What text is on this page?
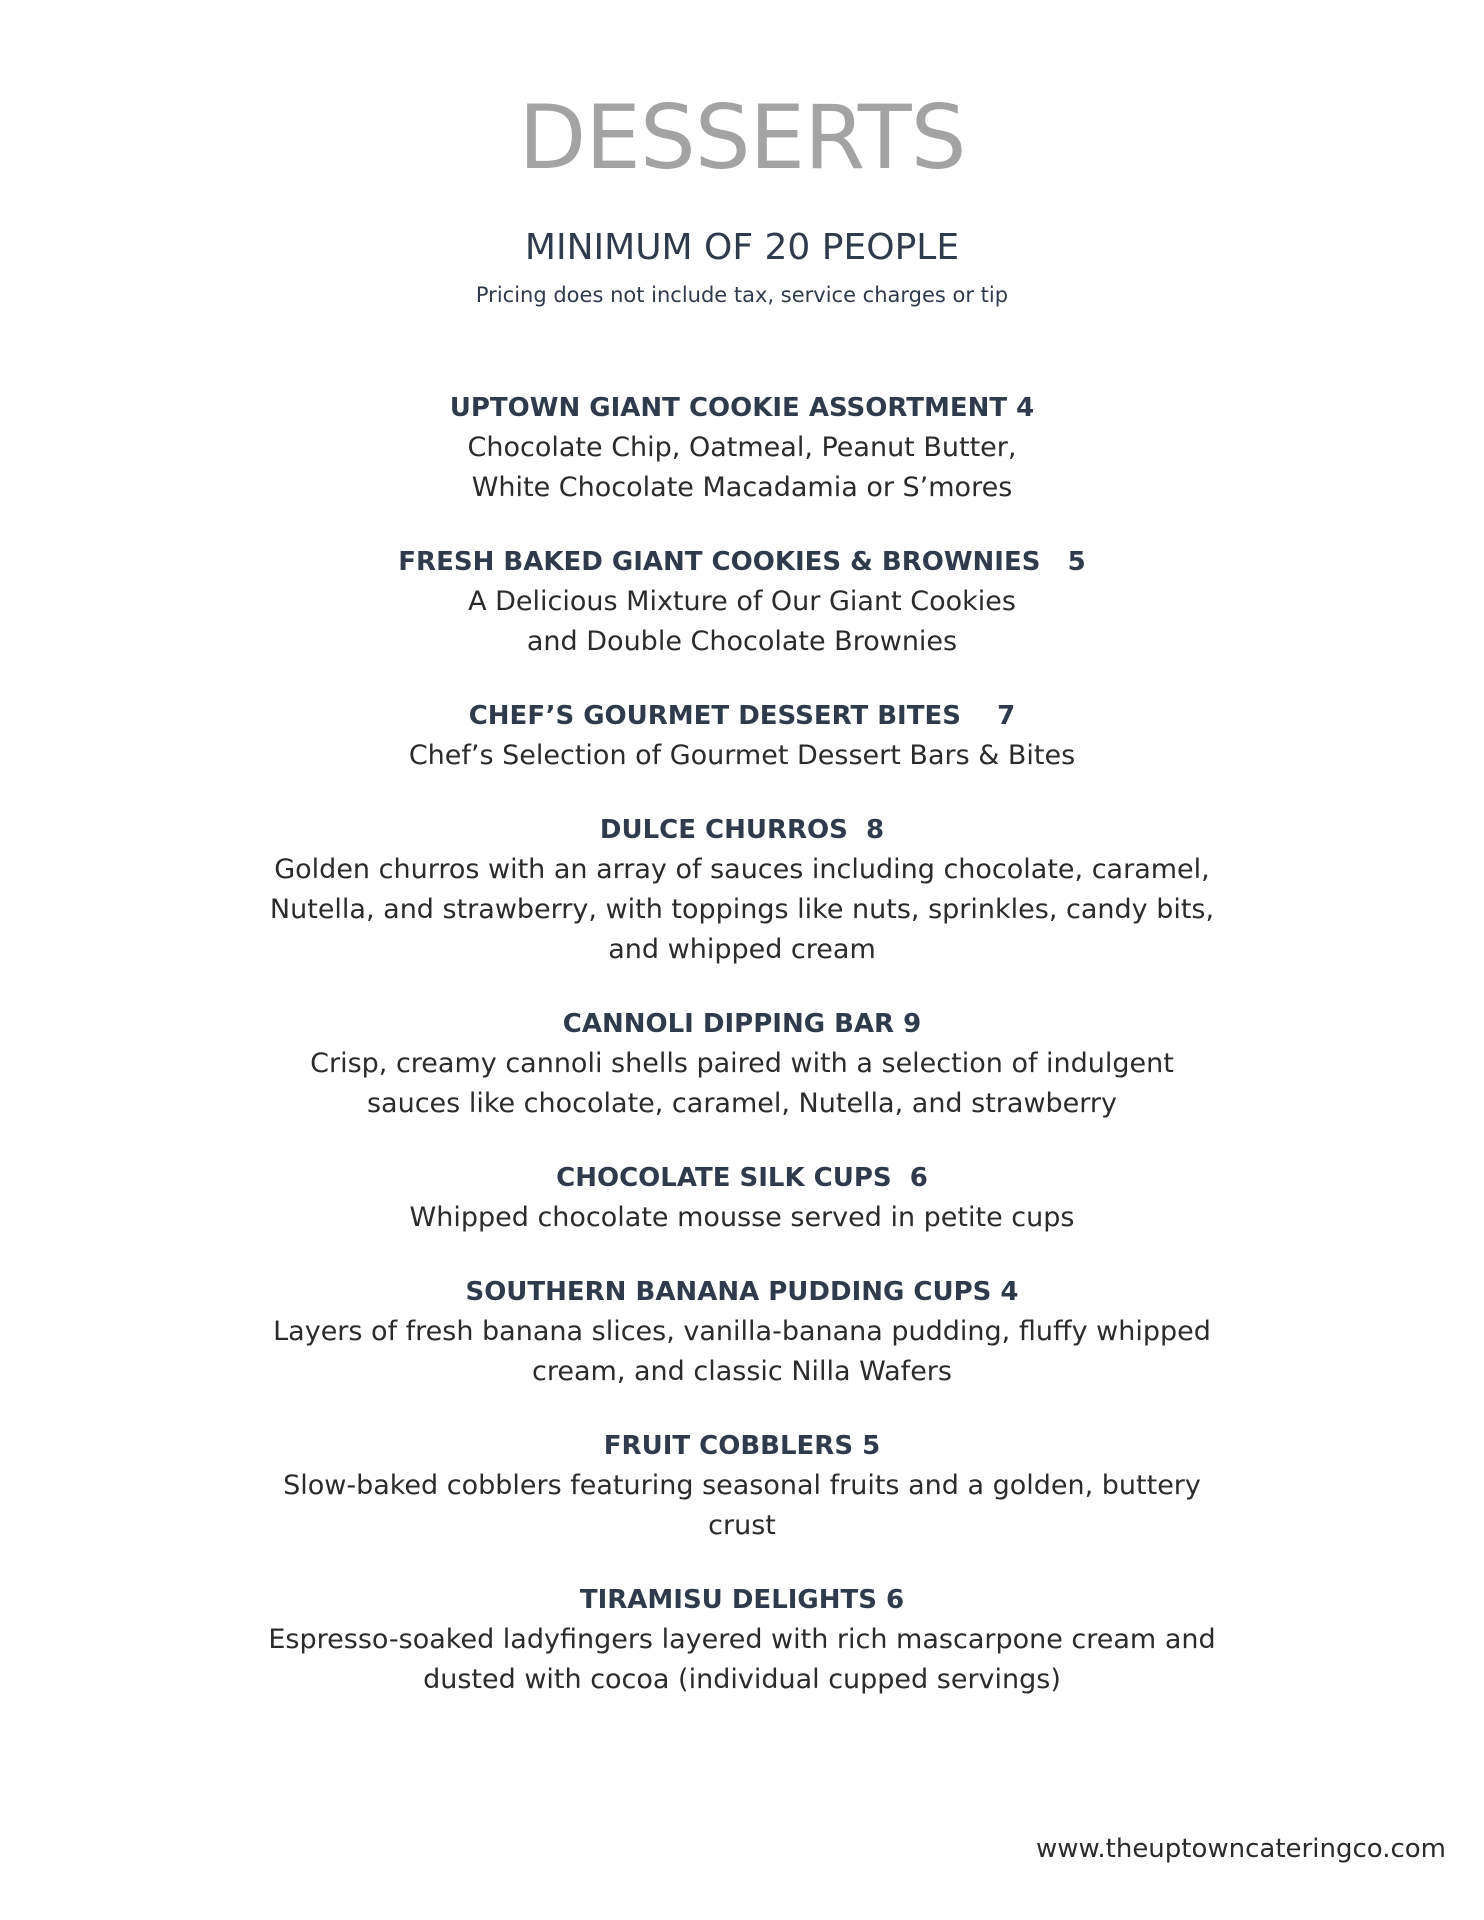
DESSERTS
MINIMUM OF 20 PEOPLE
Pricing does not include tax, service charges or tip
UPTOWN GIANT COOKIE ASSORTMENT 4
Chocolate Chip, Oatmeal, Peanut Butter,
White Chocolate Macadamia or S’mores
FRESH BAKED GIANT COOKIES & BROWNIES   5
A Delicious Mixture of Our Giant Cookies
and Double Chocolate Brownies
CHEF’S GOURMET DESSERT BITES    7
Chef’s Selection of Gourmet Dessert Bars & Bites
DULCE CHURROS  8
Golden churros with an array of sauces including chocolate, caramel,
Nutella, and strawberry, with toppings like nuts, sprinkles, candy bits,
and whipped cream
CANNOLI DIPPING BAR 9
Crisp, creamy cannoli shells paired with a selection of indulgent
sauces like chocolate, caramel, Nutella, and strawberry
CHOCOLATE SILK CUPS  6
Whipped chocolate mousse served in petite cups
SOUTHERN BANANA PUDDING CUPS 4
Layers of fresh banana slices, vanilla-banana pudding, fluffy whipped
cream, and classic Nilla Wafers
FRUIT COBBLERS 5
Slow-baked cobblers featuring seasonal fruits and a golden, buttery
crust
TIRAMISU DELIGHTS 6
Espresso-soaked ladyfingers layered with rich mascarpone cream and
dusted with cocoa (individual cupped servings)
www.theuptowncateringco.com
